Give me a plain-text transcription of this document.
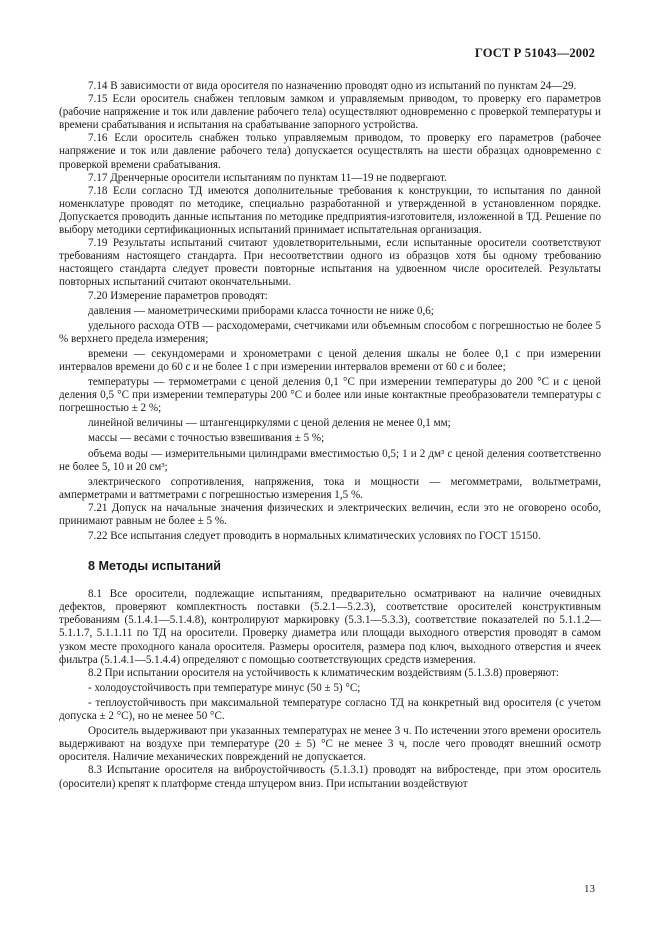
ГОСТ Р 51043—2002

7.14 В зависимости от вида оросителя по назначению проводят одно из испытаний по пунктам 24—29.

7.15 Если ороситель снабжен тепловым замком и управляемым приводом, то проверку его параметров (рабочие напряжение и ток или давление рабочего тела) осуществляют одновременно с проверкой температуры и времени срабатывания и испытания на срабатывание запорного устройства.

7.16 Если ороситель снабжен только управляемым приводом, то проверку его параметров (рабочее напряжение и ток или давление рабочего тела) допускается осуществлять на шести образцах одновременно с проверкой времени срабатывания.

7.17 Дренчерные оросители испытаниям по пунктам 11—19 не подвергают.

7.18 Если согласно ТД имеются дополнительные требования к конструкции, то испытания по данной номенклатуре проводят по методике, специально разработанной и утвержденной в установленном порядке. Допускается проводить данные испытания по методике предприятия-изготовителя, изложенной в ТД. Решение по выбору методики сертификационных испытаний принимает испытательная организация.

7.19 Результаты испытаний считают удовлетворительными, если испытанные оросители соответствуют требованиям настоящего стандарта. При несоответствии одного из образцов хотя бы одному требованию настоящего стандарта следует провести повторные испытания на удвоенном числе оросителей. Результаты повторных испытаний считают окончательными.

7.20 Измерение параметров проводят:

давления — манометрическими приборами класса точности не ниже 0,6;

удельного расхода ОТВ — расходомерами, счетчиками или объемным способом с погрешностью не более 5 % верхнего предела измерения;

времени — секундомерами и хронометрами с ценой деления шкалы не более 0,1 с при измерении интервалов времени до 60 с и не более 1 с при измерении интервалов времени от 60 с и более;

температуры — термометрами с ценой деления 0,1 °С при измерении температуры до 200 °С и с ценой деления 0,5 °С при измерении температуры 200 °С и более или иные контактные преобразователи температуры с погрешностью ± 2 %;

линейной величины — штангенциркулями с ценой деления не менее 0,1 мм;

массы — весами с точностью взвешивания ± 5 %;

объема воды — измерительными цилиндрами вместимостью 0,5; 1 и 2 дм³ с ценой деления соответственно не более 5, 10 и 20 см³;

электрического сопротивления, напряжения, тока и мощности — мегомметрами, вольтметрами, амперметрами и ваттметрами с погрешностью измерения 1,5 %.

7.21 Допуск на начальные значения физических и электрических величин, если это не оговорено особо, принимают равным не более ± 5 %.

7.22 Все испытания следует проводить в нормальных климатических условиях по ГОСТ 15150.

8 Методы испытаний

8.1 Все оросители, подлежащие испытаниям, предварительно осматривают на наличие очевидных дефектов, проверяют комплектность поставки (5.2.1—5.2.3), соответствие оросителей конструктивным требованиям (5.1.4.1—5.1.4.8), контролируют маркировку (5.3.1—5.3.3), соответствие показателей по 5.1.1.2—5.1.1.7, 5.1.1.11 по ТД на оросители. Проверку диаметра или площади выходного отверстия проводят в самом узком месте проходного канала оросителя. Размеры оросителя, размера под ключ, выходного отверстия и ячеек фильтра (5.1.4.1—5.1.4.4) определяют с помощью соответствующих средств измерения.

8.2 При испытании оросителя на устойчивость к климатическим воздействиям (5.1.3.8) проверяют:

- холодоустойчивость при температуре минус (50 ± 5) °С;

- теплоустойчивость при максимальной температуре согласно ТД на конкретный вид оросителя (с учетом допуска ± 2 °С), но не менее 50 °С.

Ороситель выдерживают при указанных температурах не менее 3 ч. По истечении этого времени ороситель выдерживают на воздухе при температуре (20 ± 5) °С не менее 3 ч, после чего проводят внешний осмотр оросителя. Наличие механических повреждений не допускается.

8.3 Испытание оросителя на виброустойчивость (5.1.3.1) проводят на вибростенде, при этом ороситель (оросители) крепят к платформе стенда штуцером вниз. При испытании воздействуют

13
